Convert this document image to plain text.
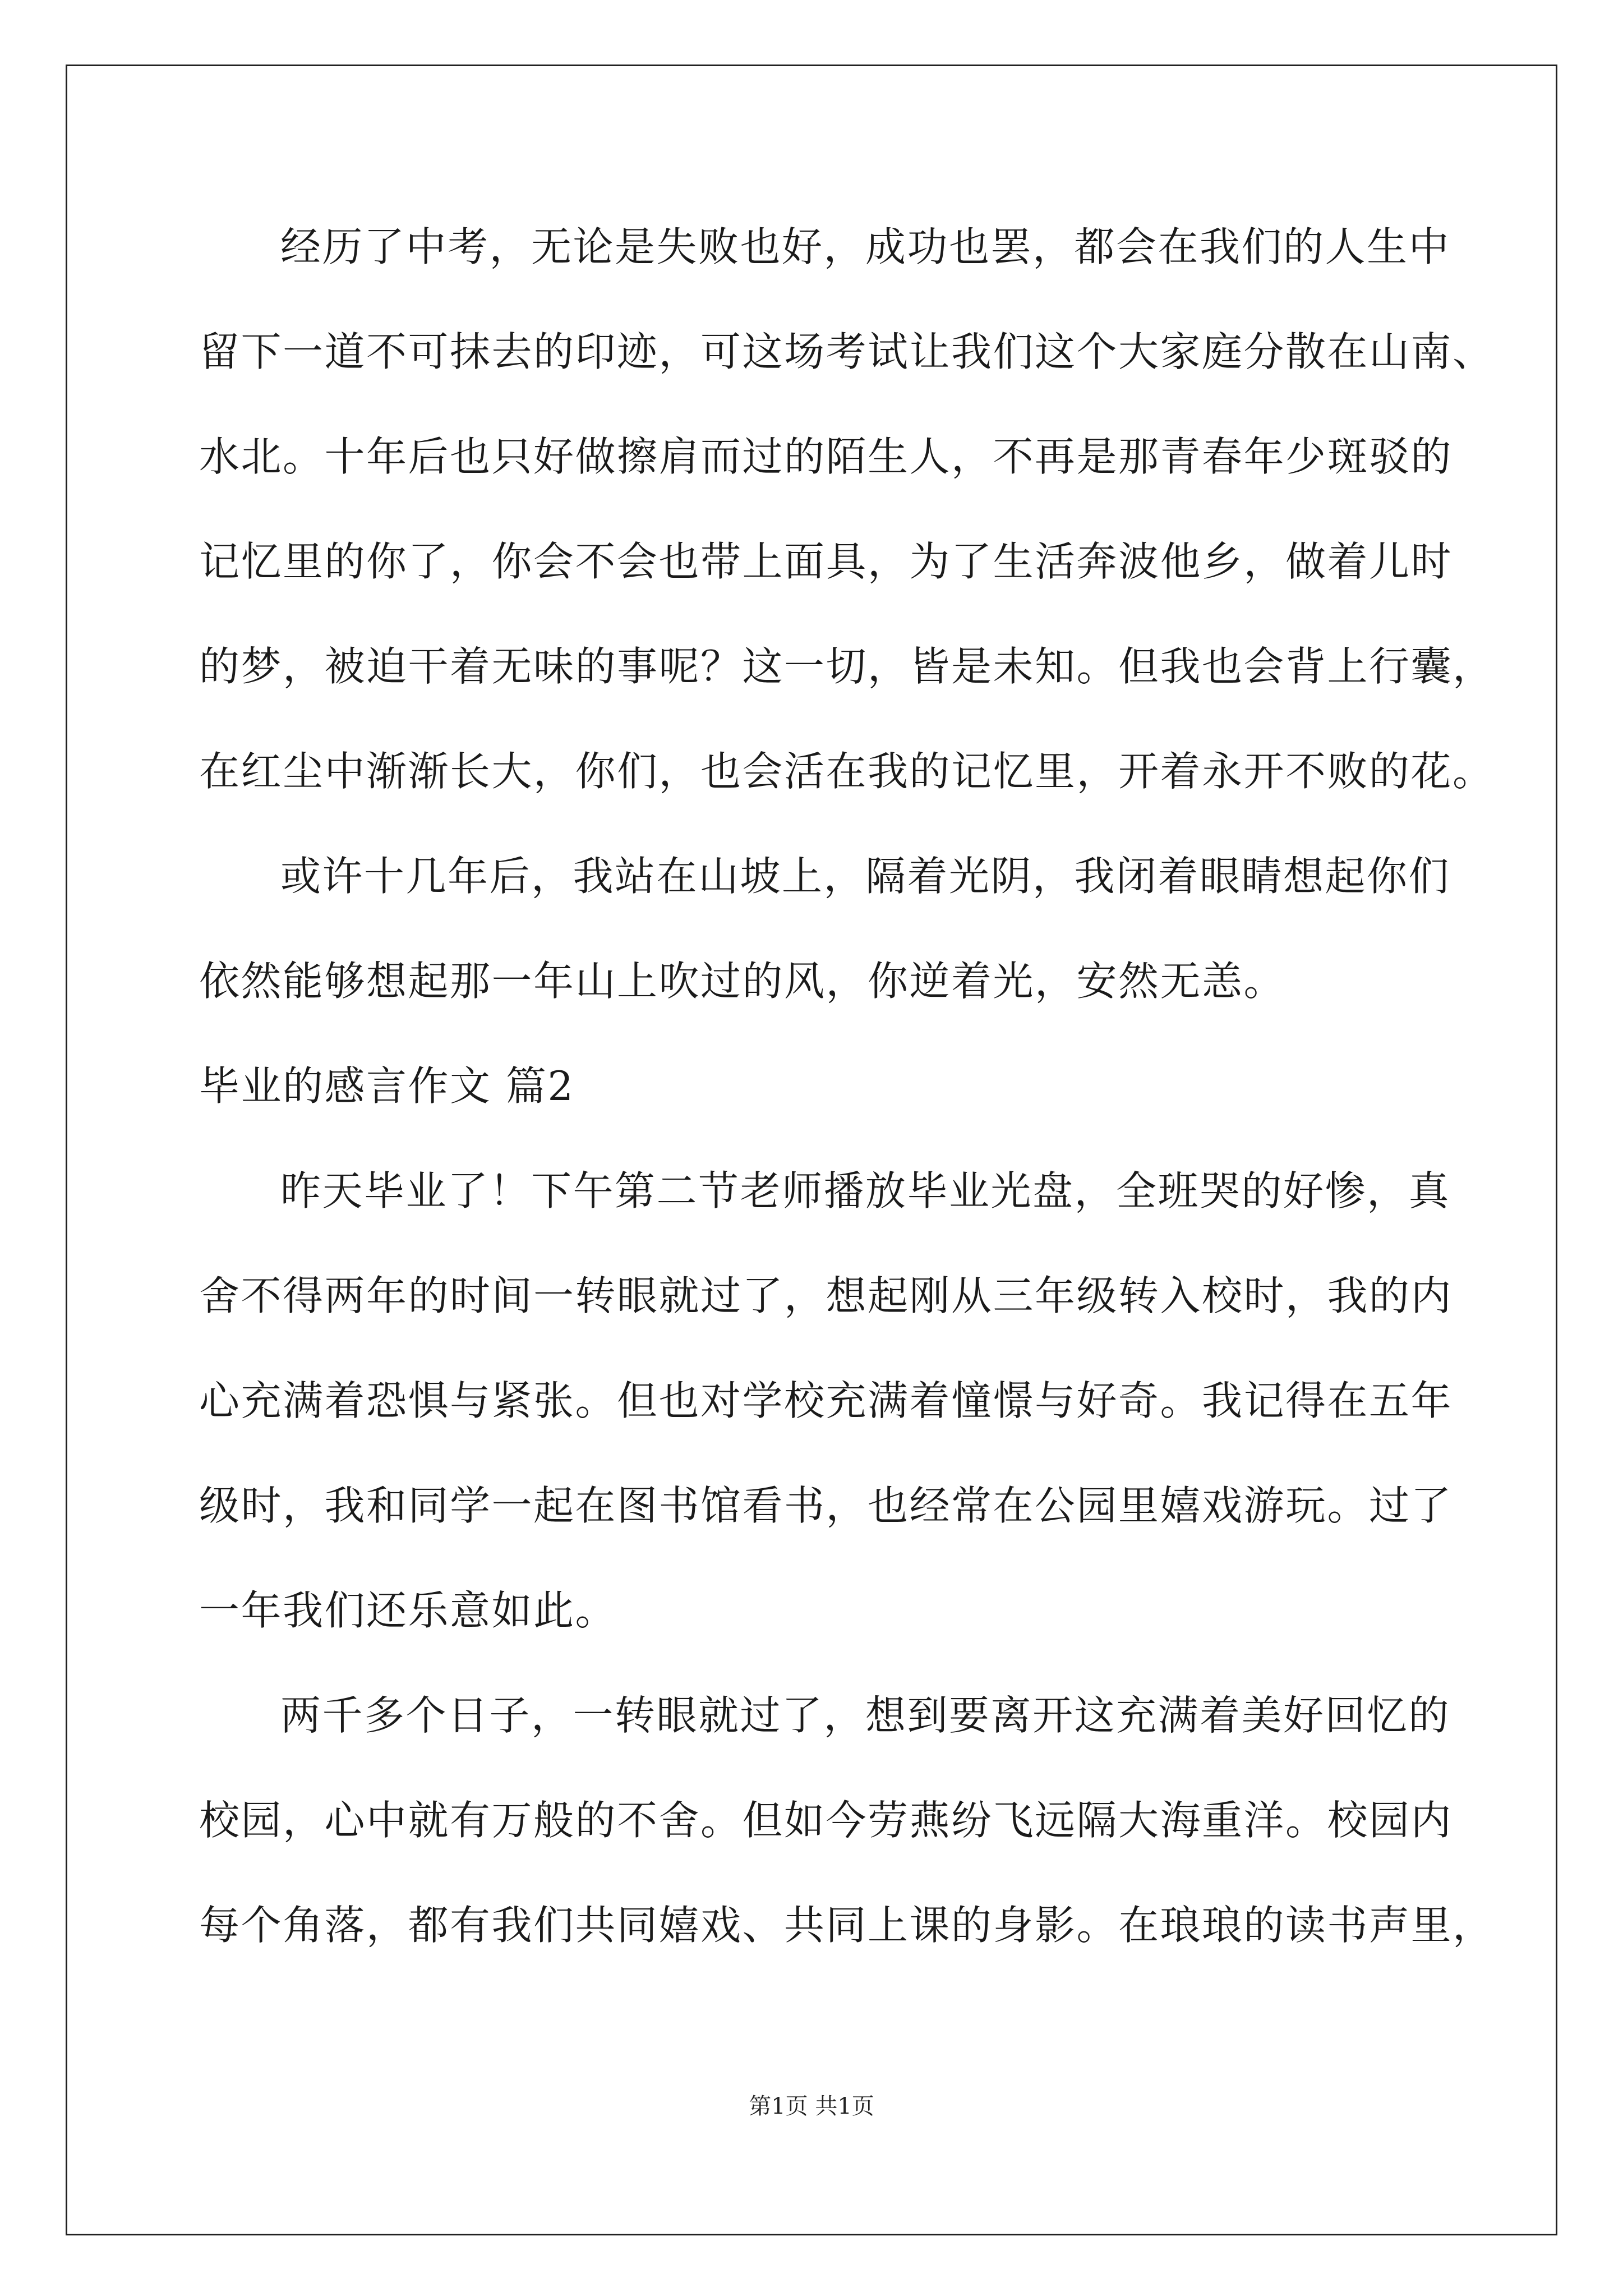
经历了中考，无论是失败也好，成功也罢，都会在我们的人生中
留下一道不可抹去的印迹，可这场考试让我们这个大家庭分散在山南、
水北。十年后也只好做擦肩而过的陌生人，不再是那青春年少斑驳的
记忆里的你了，你会不会也带上面具，为了生活奔波他乡，做着儿时
的梦，被迫干着无味的事呢？这一切，皆是未知。但我也会背上行囊，
在红尘中渐渐长大，你们，也会活在我的记忆里，开着永开不败的花。
或许十几年后，我站在山坡上，隔着光阴，我闭着眼睛想起你们
依然能够想起那一年山上吹过的风，你逆着光，安然无恙。
毕业的感言作文 篇2
昨天毕业了！下午第二节老师播放毕业光盘，全班哭的好惨，真
舍不得两年的时间一转眼就过了，想起刚从三年级转入校时，我的内
心充满着恐惧与紧张。但也对学校充满着憧憬与好奇。我记得在五年
级时，我和同学一起在图书馆看书，也经常在公园里嬉戏游玩。过了
一年我们还乐意如此。
两千多个日子，一转眼就过了，想到要离开这充满着美好回忆的
校园，心中就有万般的不舍。但如今劳燕纷飞远隔大海重洋。校园内
每个角落，都有我们共同嬉戏、共同上课的身影。在琅琅的读书声里，
第1页 共1页
